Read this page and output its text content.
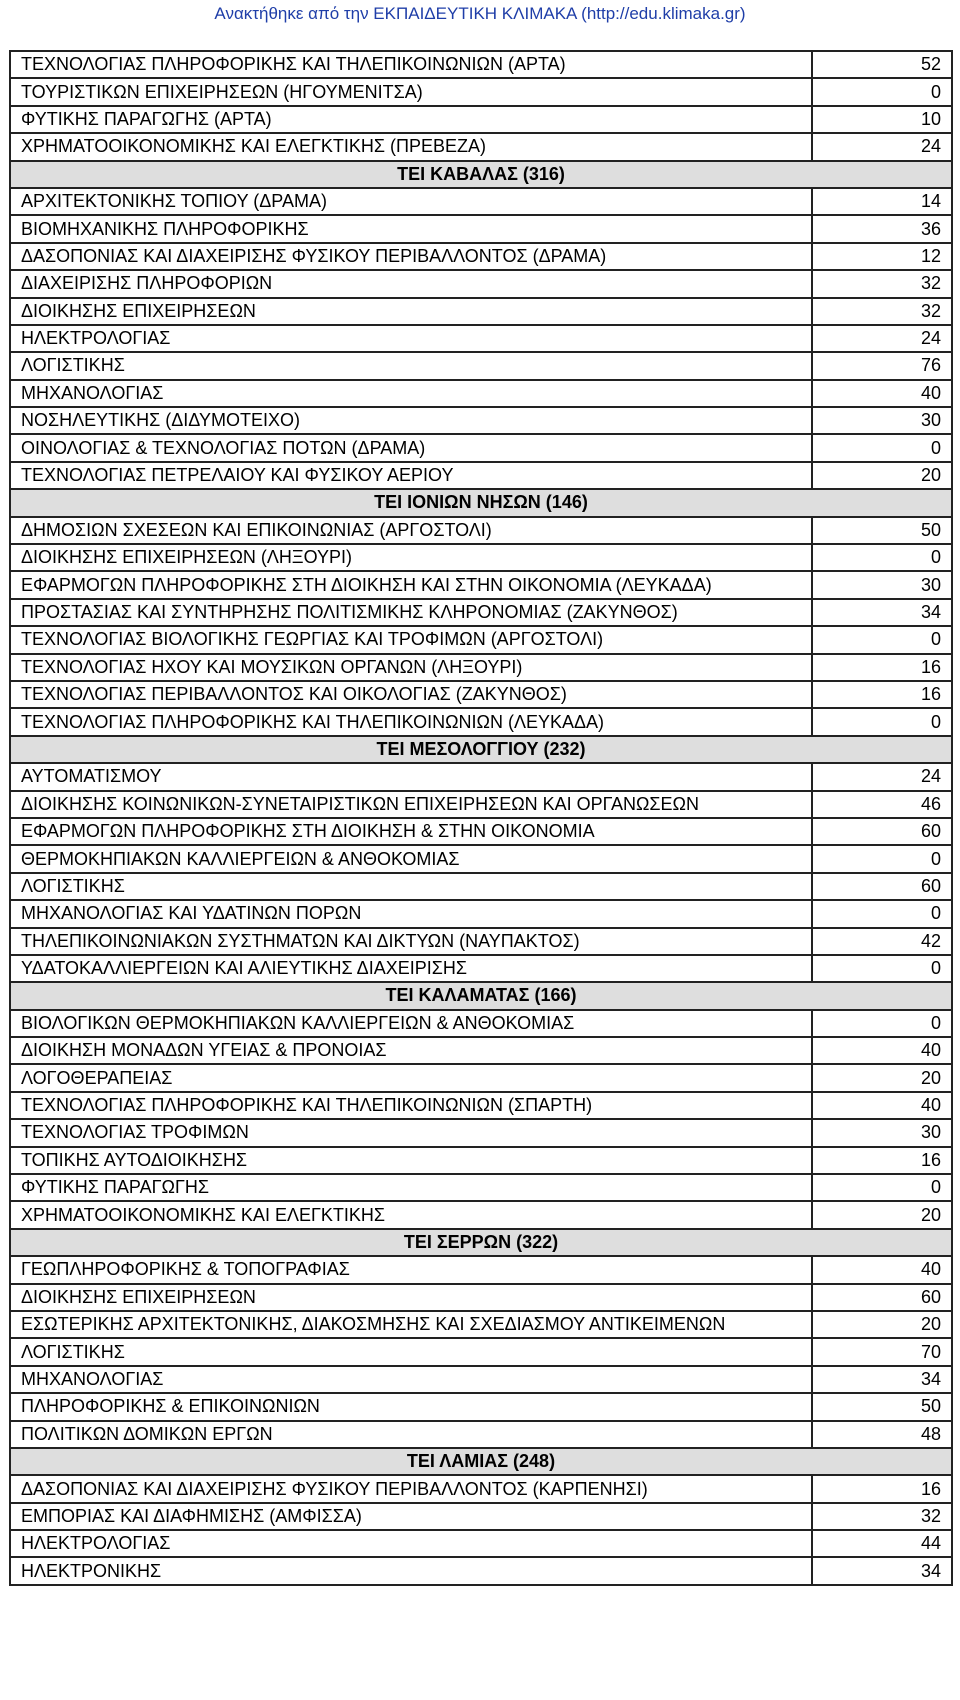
Ανακτήθηκε από την ΕΚΠΑΙΔΕΥΤΙΚΗ ΚΛΙΜΑΚΑ (http://edu.klimaka.gr)
ΤΕΧΝΟΛΟΓΙΑΣ ΠΛΗΡΟΦΟΡΙΚΗΣ ΚΑΙ ΤΗΛΕΠΙΚΟΙΝΩΝΙΩΝ (ΑΡΤΑ)	52
ΤΟΥΡΙΣΤΙΚΩΝ ΕΠΙΧΕΙΡΗΣΕΩΝ (ΗΓΟΥΜΕΝΙΤΣΑ)	0
ΦΥΤΙΚΗΣ ΠΑΡΑΓΩΓΗΣ (ΑΡΤΑ)	10
ΧΡΗΜΑΤΟΟΙΚΟΝΟΜΙΚΗΣ ΚΑΙ ΕΛΕΓΚΤΙΚΗΣ (ΠΡΕΒΕΖΑ)	24
ΤΕΙ ΚΑΒΑΛΑΣ (316)	
ΑΡΧΙΤΕΚΤΟΝΙΚΗΣ ΤΟΠΙΟΥ (ΔΡΑΜΑ)	14
ΒΙΟΜΗΧΑΝΙΚΗΣ ΠΛΗΡΟΦΟΡΙΚΗΣ	36
ΔΑΣΟΠΟΝΙΑΣ ΚΑΙ ΔΙΑΧΕΙΡΙΣΗΣ ΦΥΣΙΚΟΥ ΠΕΡΙΒΑΛΛΟΝΤΟΣ (ΔΡΑΜΑ)	12
ΔΙΑΧΕΙΡΙΣΗΣ ΠΛΗΡΟΦΟΡΙΩΝ	32
ΔΙΟΙΚΗΣΗΣ ΕΠΙΧΕΙΡΗΣΕΩΝ	32
ΗΛΕΚΤΡΟΛΟΓΙΑΣ	24
ΛΟΓΙΣΤΙΚΗΣ	76
ΜΗΧΑΝΟΛΟΓΙΑΣ	40
ΝΟΣΗΛΕΥΤΙΚΗΣ (ΔΙΔΥΜΟΤΕΙΧΟ)	30
ΟΙΝΟΛΟΓΙΑΣ & ΤΕΧΝΟΛΟΓΙΑΣ ΠΟΤΩΝ (ΔΡΑΜΑ)	0
ΤΕΧΝΟΛΟΓΙΑΣ ΠΕΤΡΕΛΑΙΟΥ ΚΑΙ ΦΥΣΙΚΟΥ ΑΕΡΙΟΥ	20
ΤΕΙ ΙΟΝΙΩΝ ΝΗΣΩΝ (146)	
ΔΗΜΟΣΙΩΝ ΣΧΕΣΕΩΝ ΚΑΙ ΕΠΙΚΟΙΝΩΝΙΑΣ (ΑΡΓΟΣΤΟΛΙ)	50
ΔΙΟΙΚΗΣΗΣ ΕΠΙΧΕΙΡΗΣΕΩΝ (ΛΗΞΟΥΡΙ)	0
ΕΦΑΡΜΟΓΩΝ ΠΛΗΡΟΦΟΡΙΚΗΣ ΣΤΗ ΔΙΟΙΚΗΣΗ ΚΑΙ ΣΤΗΝ ΟΙΚΟΝΟΜΙΑ (ΛΕΥΚΑΔΑ)	30
ΠΡΟΣΤΑΣΙΑΣ ΚΑΙ ΣΥΝΤΗΡΗΣΗΣ ΠΟΛΙΤΙΣΜΙΚΗΣ ΚΛΗΡΟΝΟΜΙΑΣ (ΖΑΚΥΝΘΟΣ)	34
ΤΕΧΝΟΛΟΓΙΑΣ ΒΙΟΛΟΓΙΚΗΣ ΓΕΩΡΓΙΑΣ ΚΑΙ ΤΡΟΦΙΜΩΝ (ΑΡΓΟΣΤΟΛΙ)	0
ΤΕΧΝΟΛΟΓΙΑΣ ΗΧΟΥ ΚΑΙ ΜΟΥΣΙΚΩΝ ΟΡΓΑΝΩΝ (ΛΗΞΟΥΡΙ)	16
ΤΕΧΝΟΛΟΓΙΑΣ ΠΕΡΙΒΑΛΛΟΝΤΟΣ ΚΑΙ ΟΙΚΟΛΟΓΙΑΣ (ΖΑΚΥΝΘΟΣ)	16
ΤΕΧΝΟΛΟΓΙΑΣ ΠΛΗΡΟΦΟΡΙΚΗΣ ΚΑΙ ΤΗΛΕΠΙΚΟΙΝΩΝΙΩΝ (ΛΕΥΚΑΔΑ)	0
ΤΕΙ ΜΕΣΟΛΟΓΓΙΟΥ (232)	
ΑΥΤΟΜΑΤΙΣΜΟΥ	24
ΔΙΟΙΚΗΣΗΣ ΚΟΙΝΩΝΙΚΩΝ-ΣΥΝΕΤΑΙΡΙΣΤΙΚΩΝ ΕΠΙΧΕΙΡΗΣΕΩΝ ΚΑΙ ΟΡΓΑΝΩΣΕΩΝ	46
ΕΦΑΡΜΟΓΩΝ ΠΛΗΡΟΦΟΡΙΚΗΣ ΣΤΗ ΔΙΟΙΚΗΣΗ & ΣΤΗΝ ΟΙΚΟΝΟΜΙΑ	60
ΘΕΡΜΟΚΗΠΙΑΚΩΝ ΚΑΛΛΙΕΡΓΕΙΩΝ & ΑΝΘΟΚΟΜΙΑΣ	0
ΛΟΓΙΣΤΙΚΗΣ	60
ΜΗΧΑΝΟΛΟΓΙΑΣ ΚΑΙ ΥΔΑΤΙΝΩΝ ΠΟΡΩΝ	0
ΤΗΛΕΠΙΚΟΙΝΩΝΙΑΚΩΝ ΣΥΣΤΗΜΑΤΩΝ ΚΑΙ ΔΙΚΤΥΩΝ (ΝΑΥΠΑΚΤΟΣ)	42
ΥΔΑΤΟΚΑΛΛΙΕΡΓΕΙΩΝ ΚΑΙ ΑΛΙΕΥΤΙΚΗΣ ΔΙΑΧΕΙΡΙΣΗΣ	0
ΤΕΙ ΚΑΛΑΜΑΤΑΣ (166)	
ΒΙΟΛΟΓΙΚΩΝ ΘΕΡΜΟΚΗΠΙΑΚΩΝ ΚΑΛΛΙΕΡΓΕΙΩΝ & ΑΝΘΟΚΟΜΙΑΣ	0
ΔΙΟΙΚΗΣΗ ΜΟΝΑΔΩΝ ΥΓΕΙΑΣ & ΠΡΟΝΟΙΑΣ	40
ΛΟΓΟΘΕΡΑΠΕΙΑΣ	20
ΤΕΧΝΟΛΟΓΙΑΣ ΠΛΗΡΟΦΟΡΙΚΗΣ ΚΑΙ ΤΗΛΕΠΙΚΟΙΝΩΝΙΩΝ (ΣΠΑΡΤΗ)	40
ΤΕΧΝΟΛΟΓΙΑΣ ΤΡΟΦΙΜΩΝ	30
ΤΟΠΙΚΗΣ ΑΥΤΟΔΙΟΙΚΗΣΗΣ	16
ΦΥΤΙΚΗΣ ΠΑΡΑΓΩΓΗΣ	0
ΧΡΗΜΑΤΟΟΙΚΟΝΟΜΙΚΗΣ ΚΑΙ ΕΛΕΓΚΤΙΚΗΣ	20
ΤΕΙ ΣΕΡΡΩΝ (322)	
ΓΕΩΠΛΗΡΟΦΟΡΙΚΗΣ & ΤΟΠΟΓΡΑΦΙΑΣ	40
ΔΙΟΙΚΗΣΗΣ ΕΠΙΧΕΙΡΗΣΕΩΝ	60
ΕΣΩΤΕΡΙΚΗΣ ΑΡΧΙΤΕΚΤΟΝΙΚΗΣ, ΔΙΑΚΟΣΜΗΣΗΣ ΚΑΙ ΣΧΕΔΙΑΣΜΟΥ ΑΝΤΙΚΕΙΜΕΝΩΝ	20
ΛΟΓΙΣΤΙΚΗΣ	70
ΜΗΧΑΝΟΛΟΓΙΑΣ	34
ΠΛΗΡΟΦΟΡΙΚΗΣ & ΕΠΙΚΟΙΝΩΝΙΩΝ	50
ΠΟΛΙΤΙΚΩΝ ΔΟΜΙΚΩΝ ΕΡΓΩΝ	48
ΤΕΙ ΛΑΜΙΑΣ (248)	
ΔΑΣΟΠΟΝΙΑΣ ΚΑΙ ΔΙΑΧΕΙΡΙΣΗΣ ΦΥΣΙΚΟΥ ΠΕΡΙΒΑΛΛΟΝΤΟΣ (ΚΑΡΠΕΝΗΣΙ)	16
ΕΜΠΟΡΙΑΣ ΚΑΙ ΔΙΑΦΗΜΙΣΗΣ (ΑΜΦΙΣΣΑ)	32
ΗΛΕΚΤΡΟΛΟΓΙΑΣ	44
ΗΛΕΚΤΡΟΝΙΚΗΣ	34
